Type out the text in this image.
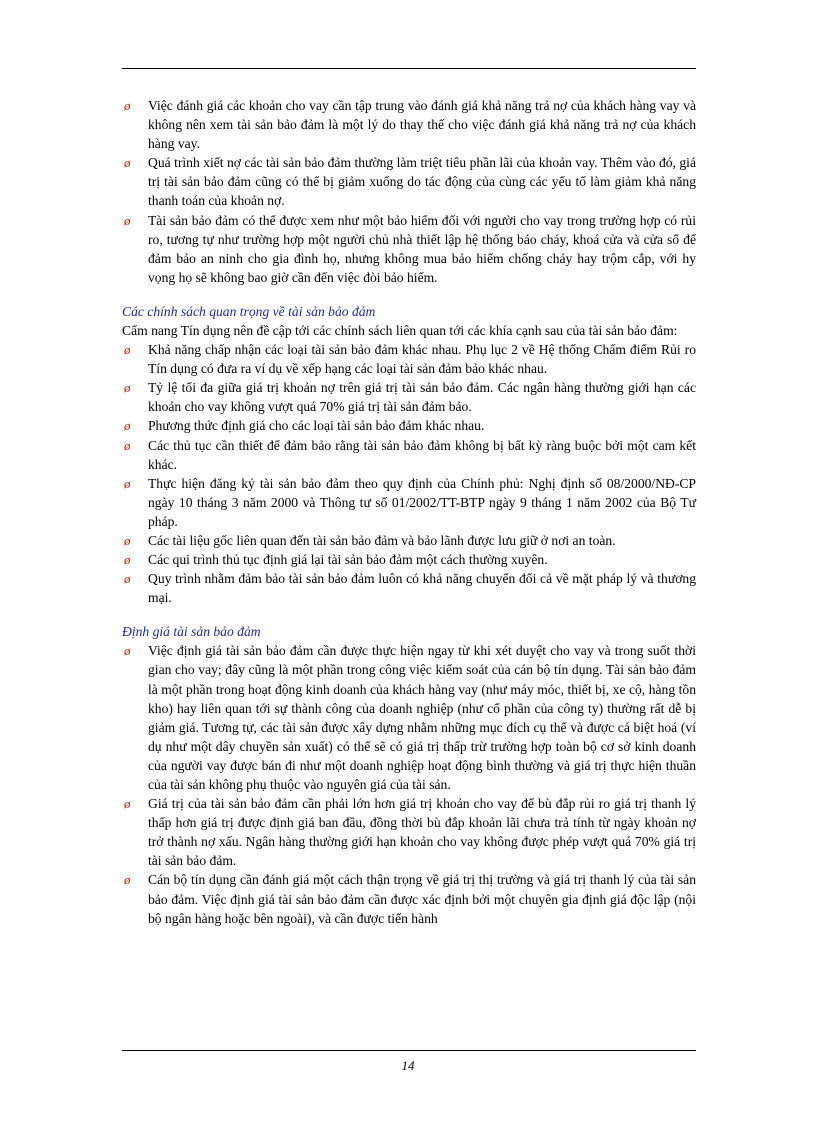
ø Việc đánh giá các khoản cho vay cần tập trung vào đánh giá khả năng trả nợ của khách hàng vay và không nên xem tài sản bảo đảm là một lý do thay thế cho việc đánh giá khả năng trả nợ của khách hàng vay.
ø Quá trình xiết nợ các tài sản bảo đảm thường làm triệt tiêu phần lãi của khoản vay. Thêm vào đó, giá trị tài sản bảo đảm cũng có thể bị giảm xuống do tác động của cùng các yếu tố làm giảm khả năng thanh toán của khoản nợ.
ø Tài sản bảo đảm có thể được xem như một bảo hiểm đối với người cho vay trong trường hợp có rủi ro, tương tự như trường hợp một người chủ nhà thiết lập hệ thống báo cháy, khoá cửa và cửa sổ để đảm bảo an ninh cho gia đình họ, nhưng không mua bảo hiểm chống cháy hay trộm cắp, với hy vọng họ sẽ không bao giờ cần đến việc đòi bảo hiểm.
Các chính sách quan trọng về tài sản bảo đảm
Cẩm nang Tín dụng nên đề cập tới các chính sách liên quan tới các khía cạnh sau của tài sản bảo đảm:
ø Khả năng chấp nhận các loại tài sản bảo đảm khác nhau. Phụ lục 2 về Hệ thống Chấm điểm Rủi ro Tín dụng có đưa ra ví dụ về xếp hạng các loại tài sản đảm bảo khác nhau.
ø Tỷ lệ tối đa giữa giá trị khoản nợ trên giá trị tài sản bảo đảm. Các ngân hàng thường giới hạn các khoản cho vay không vượt quá 70% giá trị tài sản đảm bảo.
ø Phương thức định giá cho các loại tài sản bảo đảm khác nhau.
ø Các thủ tục cần thiết để đảm bảo rằng tài sản bảo đảm không bị bất kỳ ràng buộc bởi một cam kết khác.
ø Thực hiện đăng ký tài sản bảo đảm theo quy định của Chính phủ: Nghị định số 08/2000/NĐ-CP ngày 10 tháng 3 năm 2000 và Thông tư số 01/2002/TT-BTP ngày 9 tháng 1 năm 2002 của Bộ Tư pháp.
ø Các tài liệu gốc liên quan đến tài sản bảo đảm và bảo lãnh được lưu giữ ở nơi an toàn.
ø Các qui trình thủ tục định giá lại tài sản bảo đảm một cách thường xuyên.
ø Quy trình nhằm đảm bảo tài sản bảo đảm luôn có khả năng chuyển đổi cả về mặt pháp lý và thương mại.
Định giá tài sản bảo đảm
ø Việc định giá tài sản bảo đảm cần được thực hiện ngay từ khi xét duyệt cho vay và trong suốt thời gian cho vay; đây cũng là một phần trong công việc kiểm soát của cán bộ tín dụng. Tài sản bảo đảm là một phần trong hoạt động kinh doanh của khách hàng vay (như máy móc, thiết bị, xe cộ, hàng tồn kho) hay liên quan tới sự thành công của doanh nghiệp (như cổ phần của công ty) thường rất dễ bị giảm giá. Tương tự, các tài sản được xây dựng nhằm những mục đích cụ thể và được cá biệt hoá (ví dụ như một dây chuyền sản xuất) có thể sẽ có giá trị thấp trừ trường hợp toàn bộ cơ sở kinh doanh của người vay được bán đi như một doanh nghiệp hoạt động bình thường và giá trị thực hiện thuần của tài sản không phụ thuộc vào nguyên giá của tài sản.
ø Giá trị của tài sản bảo đảm cần phải lớn hơn giá trị khoản cho vay để bù đắp rủi ro giá trị thanh lý thấp hơn giá trị được định giá ban đầu, đồng thời bù đắp khoản lãi chưa trả tính từ ngày khoản nợ trở thành nợ xấu. Ngân hàng thường giới hạn khoản cho vay không được phép vượt quá 70% giá trị tài sản bảo đảm.
ø Cán bộ tín dụng cần đánh giá một cách thận trọng về giá trị thị trường và giá trị thanh lý của tài sản bảo đảm. Việc định giá tài sản bảo đảm cần được xác định bởi một chuyên gia định giá độc lập (nội bộ ngân hàng hoặc bên ngoài), và cần được tiến hành
14
